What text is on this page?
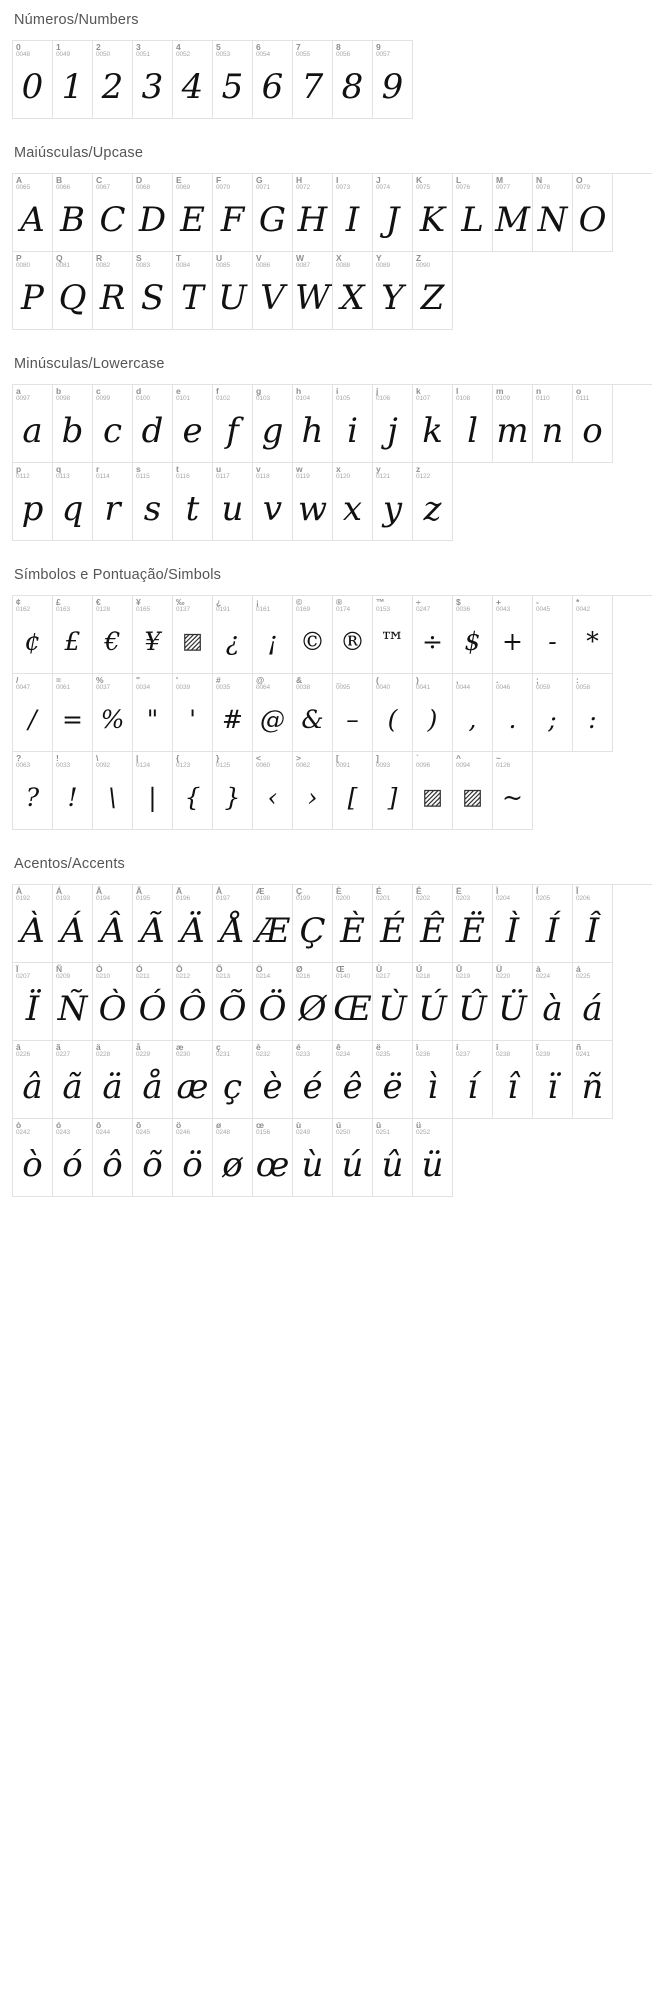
Números/Numbers
0
0048
0
1
0049
1
2
0050
2
3
0051
3
4
0052
4
5
0053
5
6
0054
6
7
0055
7
8
0056
8
9
0057
9
Maiúsculas/Upcase
A
0065
A
B
0066
B
C
0067
C
D
0068
D
E
0069
E
F
0070
F
G
0071
G
H
0072
H
I
0073
I
J
0074
J
K
0075
K
L
0076
L
M
0077
M
N
0078
N
O
0079
O
P
0080
P
Q
0081
Q
R
0082
R
S
0083
S
T
0084
T
U
0085
U
V
0086
V
W
0087
W
X
0088
X
Y
0089
Y
Z
0090
Z
Minúsculas/Lowercase
a
0097
a
b
0098
b
c
0099
c
d
0100
d
e
0101
e
f
0102
f
g
0103
g
h
0104
h
i
0105
i
j
0106
j
k
0107
k
l
0108
l
m
0109
m
n
0110
n
o
0111
o
p
0112
p
q
0113
q
r
0114
r
s
0115
s
t
0116
t
u
0117
u
v
0118
v
w
0119
w
x
0120
x
y
0121
y
z
0122
z
Símbolos e Pontuação/Simbols
¢
0162
¢
£
0163
£
€
0128
€
¥
0165
¥
‰
0137
▨
¿
0191
¿
¡
0161
¡
©
0169
©
®
0174
®
™
0153
™
÷
0247
÷
$
0036
$
+
0043
+
-
0045
-
*
0042
*
/
0047
/
=
0061
=
%
0037
%
"
0034
"
'
0039
'
#
0035
#
@
0064
@
&
0038
&
_
0095
–
(
0040
(
)
0041
)
,
0044
,
.
0046
.
;
0059
;
:
0058
:
?
0063
?
!
0033
!
\
0092
\
|
0124
|
{
0123
{
}
0125
}
<
0060
‹
>
0062
›
[
0091
[
]
0093
]
`
0096
▨
^
0094
▨
~
0126
~
Acentos/Accents
À
0192
À
Á
0193
Á
Â
0194
Â
Ã
0195
Ã
Ä
0196
Ä
Å
0197
Å
Æ
0198
Æ
Ç
0199
Ç
È
0200
È
É
0201
É
Ê
0202
Ê
Ë
0203
Ë
Ì
0204
Ì
Í
0205
Í
Î
0206
Î
Ï
0207
Ï
Ñ
0209
Ñ
Ò
0210
Ò
Ó
0211
Ó
Ô
0212
Ô
Õ
0213
Õ
Ö
0214
Ö
Ø
0216
Ø
Œ
0140
Œ
Ù
0217
Ù
Ú
0218
Ú
Û
0219
Û
Ü
0220
Ü
à
0224
à
á
0225
á
â
0226
â
ã
0227
ã
ä
0228
ä
å
0229
å
æ
0230
æ
ç
0231
ç
è
0232
è
é
0233
é
ê
0234
ê
ë
0235
ë
ì
0236
ì
í
0237
í
î
0238
î
ï
0239
ï
ñ
0241
ñ
ò
0242
ò
ó
0243
ó
ô
0244
ô
õ
0245
õ
ö
0246
ö
ø
0248
ø
œ
0156
œ
ù
0249
ù
ú
0250
ú
û
0251
û
ü
0252
ü
